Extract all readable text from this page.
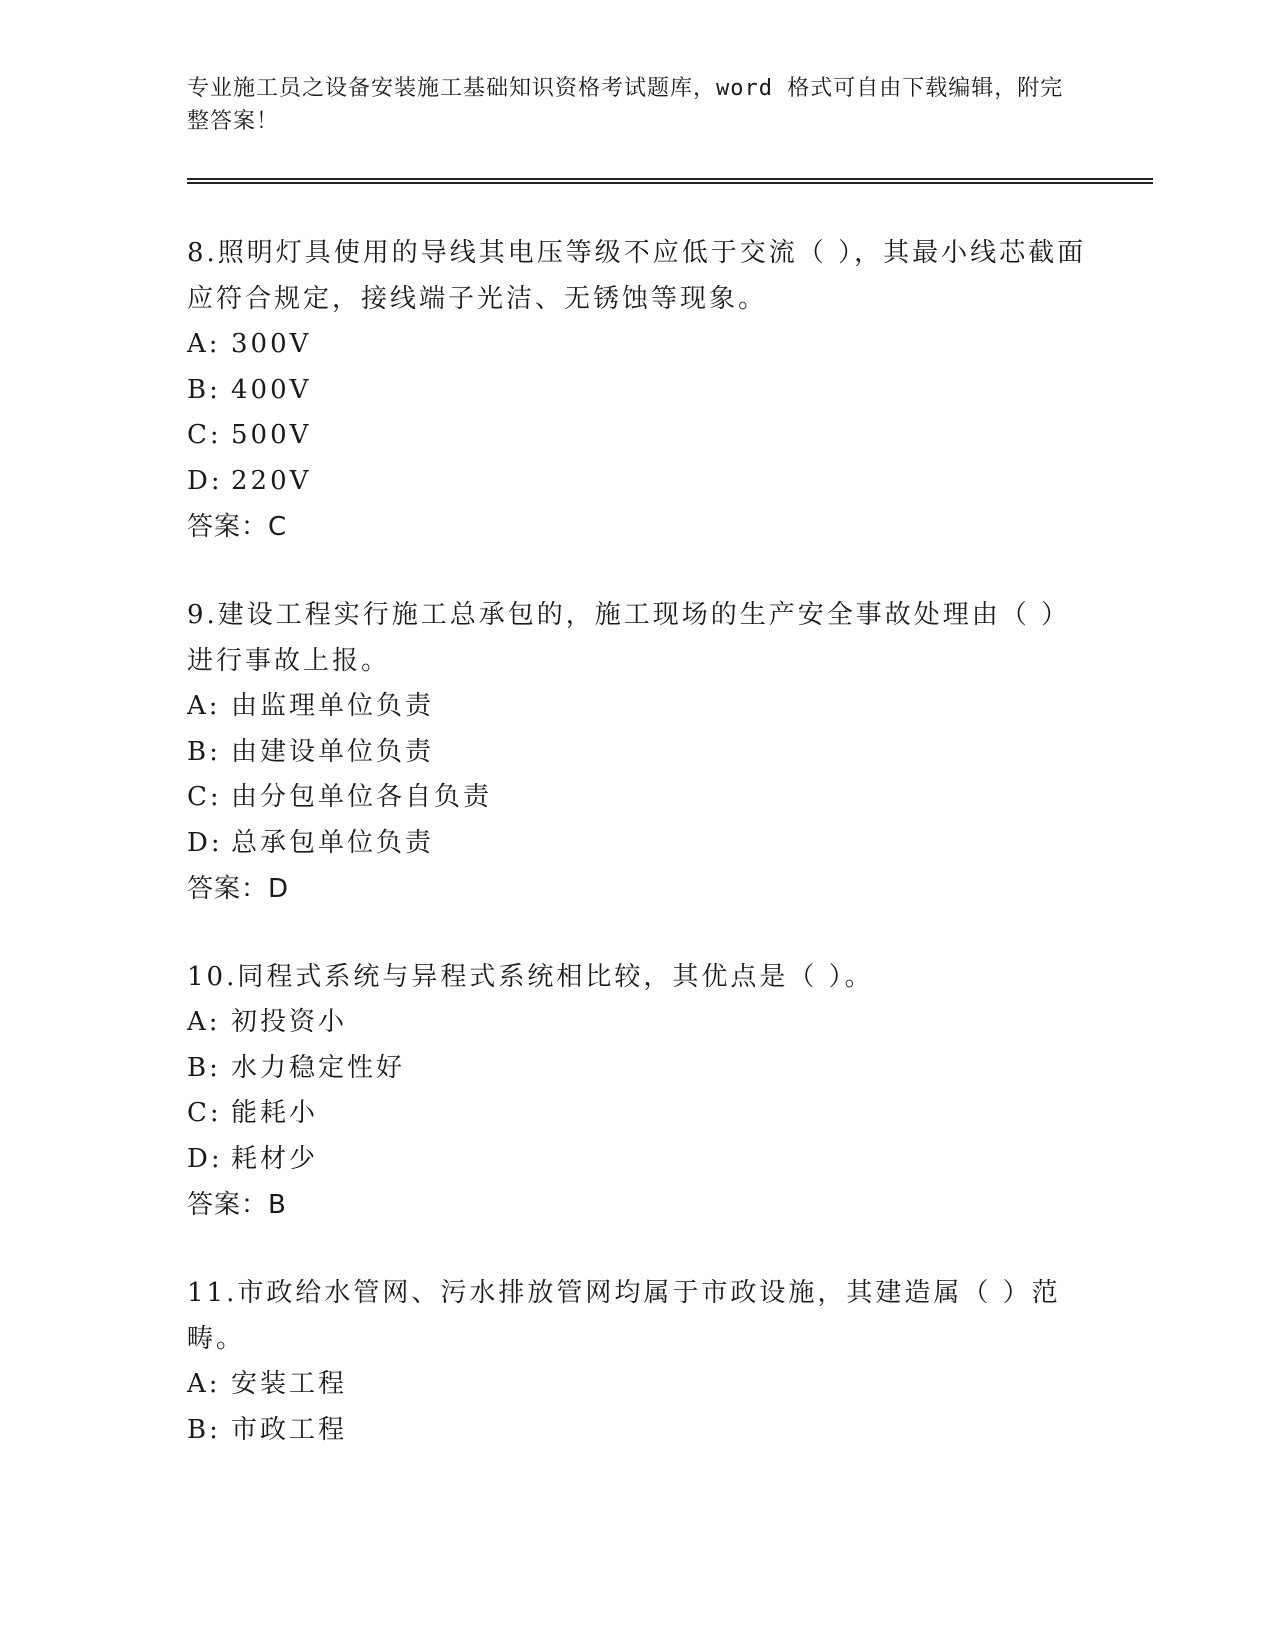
专业施工员之设备安装施工基础知识资格考试题库，word 格式可自由下载编辑，附完整答案！
8.照明灯具使用的导线其电压等级不应低于交流（ ），其最小线芯截面应符合规定，接线端子光洁、无锈蚀等现象。
A: 300V
B: 400V
C: 500V
D: 220V
答案：C
9.建设工程实行施工总承包的，施工现场的生产安全事故处理由（ ）进行事故上报。
A: 由监理单位负责
B: 由建设单位负责
C: 由分包单位各自负责
D: 总承包单位负责
答案：D
10.同程式系统与异程式系统相比较，其优点是（ ）。
A: 初投资小
B: 水力稳定性好
C: 能耗小
D: 耗材少
答案：B
11.市政给水管网、污水排放管网均属于市政设施，其建造属（ ）范畴。
A: 安装工程
B: 市政工程
